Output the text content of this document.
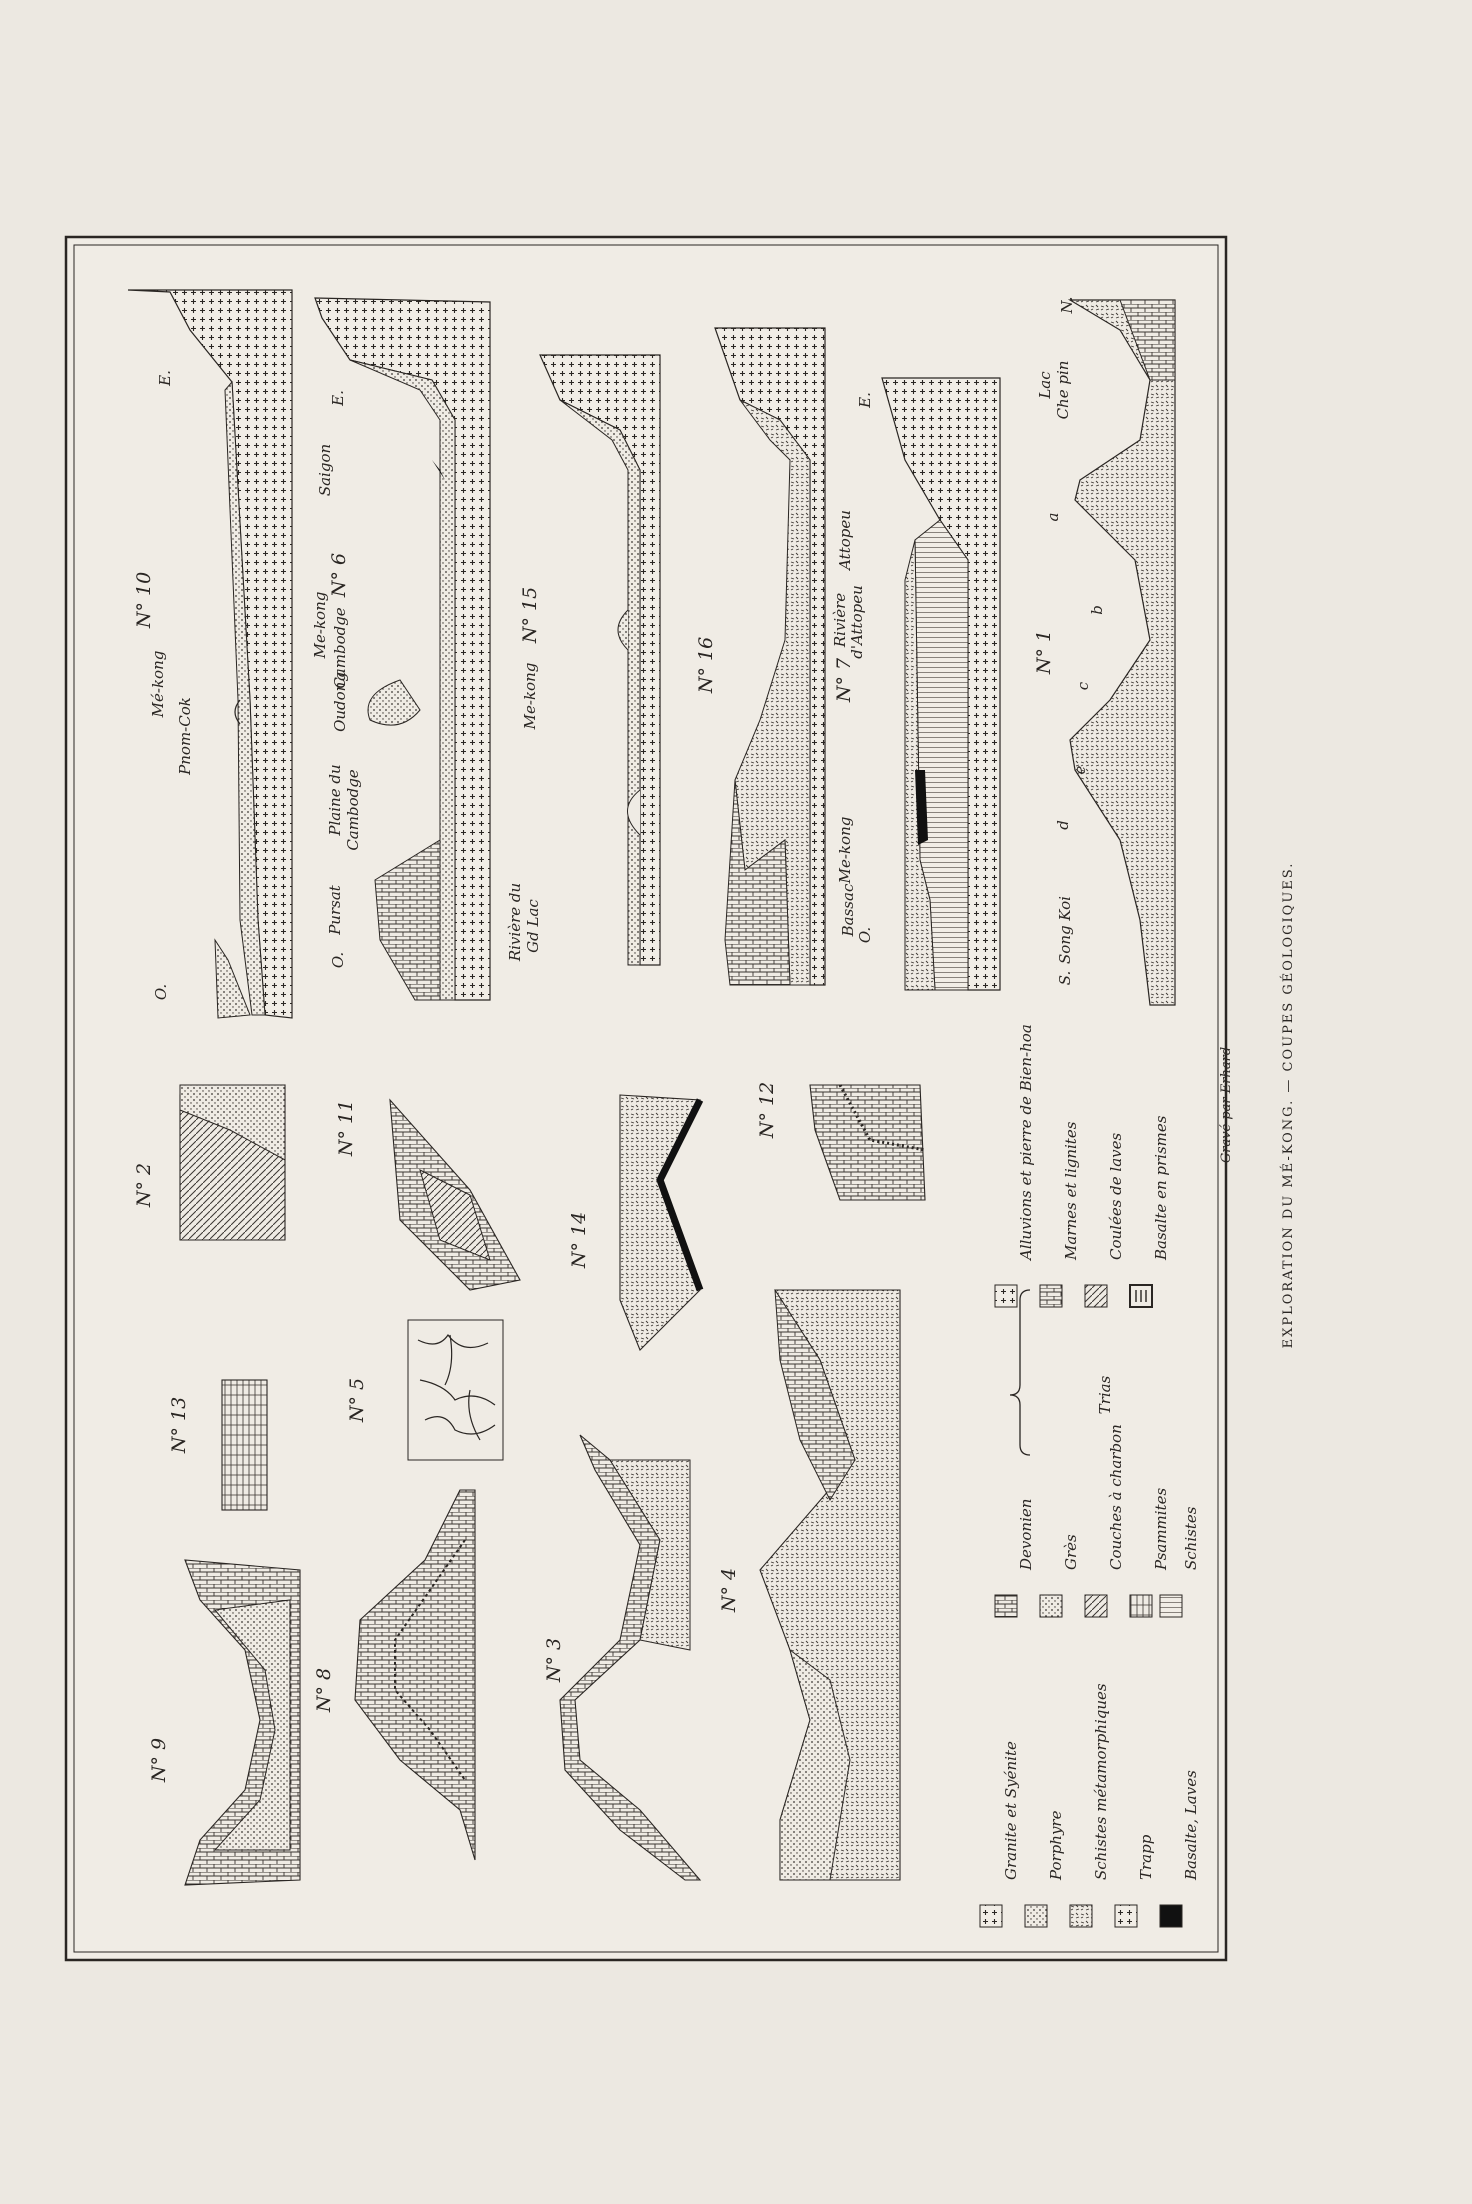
N° 10
Mé-kong
Pnom-Cok
O.
E.
N° 6
Saigon
Me-kong Cambodge
Oudong
Plaine du Cambodge
Pursat
O.
E.
N° 15
Me-kong
Rivière du Gd Lac
N° 16	N° 7
Attopeu
Rivière d'Attopeu
Me-kong
Bassac O.
E.
N° 1
Lac Che pin
Song Koi
S.
N.
a
b
c
d
e
N° 2
N° 11
N° 14
N° 12
N° 13	N° 5
N° 9
N° 8
N° 3
N° 4
Granite et Syénite Porphyre Schistes métamorphiques Trapp Basalte, Laves
Devonien Grès Couches à charbon Psammites Schistes
Trias
Alluvions et pierre de Bien-hoa Marnes et lignites Coulées de laves Basalte en prismes
Gravé par Erhard	EXPLORATION DU MÉ-KONG. — COUPES GÉOLOGIQUES.
